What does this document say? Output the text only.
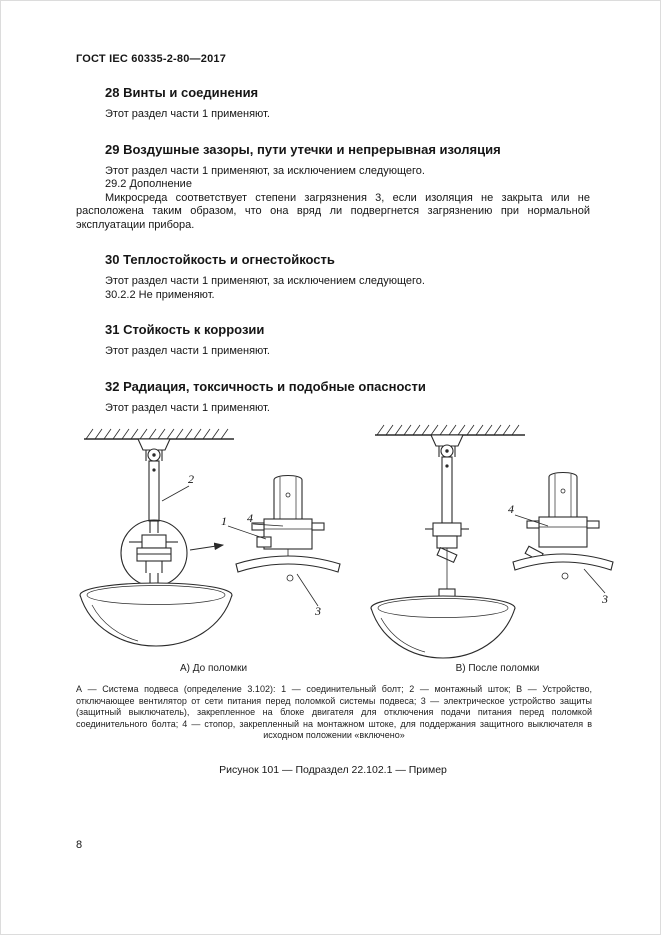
ГОСТ IEC 60335-2-80—2017
28 Винты и соединения

Этот раздел части 1 применяют.

29 Воздушные зазоры, пути утечки и непрерывная изоляция

Этот раздел части 1 применяют, за исключением следующего.

29.2 Дополнение

Микросреда соответствует степени загрязнения 3, если изоляция не закрыта или не расположена таким образом, что она вряд ли подвергнется загрязнению при нормальной эксплуатации прибора.

30 Теплостойкость и огнестойкость

Этот раздел части 1 применяют, за исключением следующего.

30.2.2 Не применяют.

31 Стойкость к коррозии

Этот раздел части 1 применяют.

32 Радиация, токсичность и подобные опасности

Этот раздел части 1 применяют.

2
1 4
3
4
3
А) До поломки	В) После поломки

А — Система подвеса (определение 3.102): 1 — соединительный болт; 2 — монтажный шток; В — Устройство, отключающее вентилятор от сети питания перед поломкой системы подвеса; 3 — электрическое устройство защиты (защитный выключатель), закрепленное на блоке двигателя для отключения подачи питания перед поломкой соединительного болта; 4 — стопор, закрепленный на монтажном штоке, для поддержания защитного выключателя в исходном положении «включено»

Рисунок 101 — Подраздел 22.102.1 — Пример

8
